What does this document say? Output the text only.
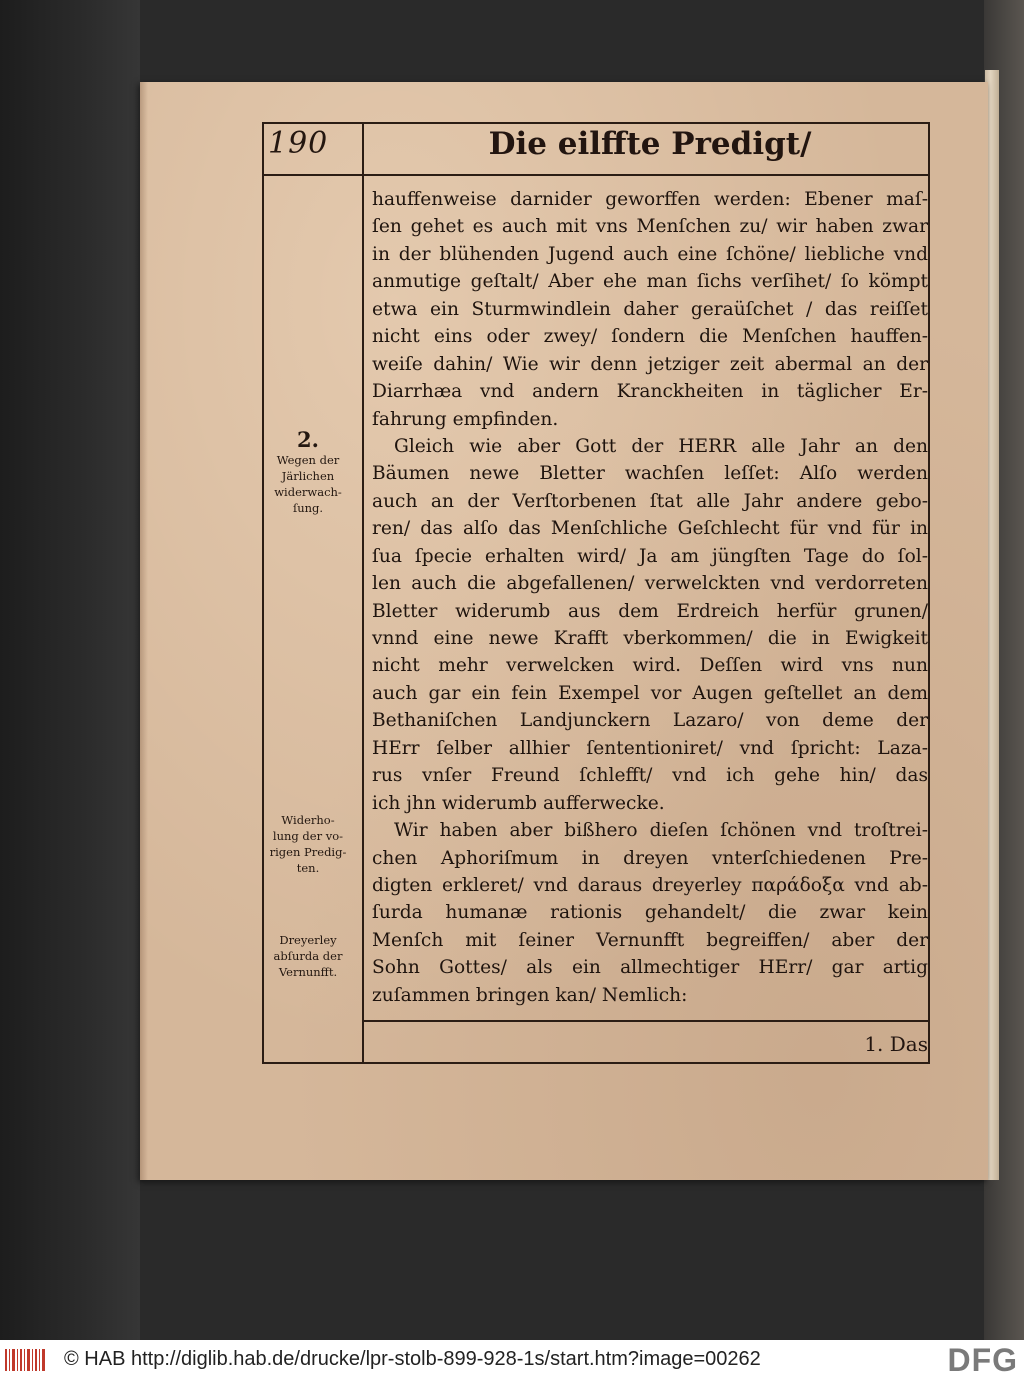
190	Die eilffte Predigt/
hauffenweise darnider geworffen werden: Ebener maſ-
ſen gehet es auch mit vns Menſchen zu/ wir haben zwar
in der blühenden Jugend auch eine ſchöne/ liebliche vnd
anmutige geſtalt/ Aber ehe man ſichs verſihet/ ſo kömpt
etwa ein Sturmwindlein daher geraüſchet / das reiſſet
nicht eins oder zwey/ ſondern die Menſchen hauffen-
weiſe dahin/ Wie wir denn jetziger zeit abermal an der
Diarrhæa vnd andern Kranckheiten in täglicher Er-
fahrung empfinden.
Gleich wie aber Gott der HERR alle Jahr an den
Bäumen newe Bletter wachſen leſſet: Alſo werden
auch an der Verſtorbenen ſtat alle Jahr andere gebo-
ren/ das alſo das Menſchliche Geſchlecht für vnd für in
ſua ſpecie erhalten wird/ Ja am jüngſten Tage do ſol-
len auch die abgefallenen/ verwelckten vnd verdorreten
Bletter widerumb aus dem Erdreich herfür grunen/
vnnd eine newe Krafft vberkommen/ die in Ewigkeit
nicht mehr verwelcken wird. Deſſen wird vns nun
auch gar ein fein Exempel vor Augen geſtellet an dem
Bethaniſchen Landjunckern Lazaro/ von deme der
HErr ſelber allhier ſententioniret/ vnd ſpricht: Laza-
rus vnſer Freund ſchlefft/ vnd ich gehe hin/ das
ich jhn widerumb aufferwecke.
Wir haben aber bißhero dieſen ſchönen vnd troſtrei-
chen Aphoriſmum in dreyen vnterſchiedenen Pre-
digten erkleret/ vnd daraus dreyerley παράδοξα vnd ab-
ſurda humanæ rationis gehandelt/ die zwar kein
Menſch mit ſeiner Vernunfft begreiffen/ aber der
Sohn Gottes/ als ein allmechtiger HErr/ gar artig
zuſammen bringen kan/ Nemlich:
2.
Wegen der
Järlichen
widerwach-
ſung.
Widerho-
lung der vo-
rigen Predig-
ten.
Dreyerley
abſurda der
Vernunfft.
1. Das
© HAB http://diglib.hab.de/drucke/lpr-stolb-899-928-1s/start.htm?image=00262	DFG
